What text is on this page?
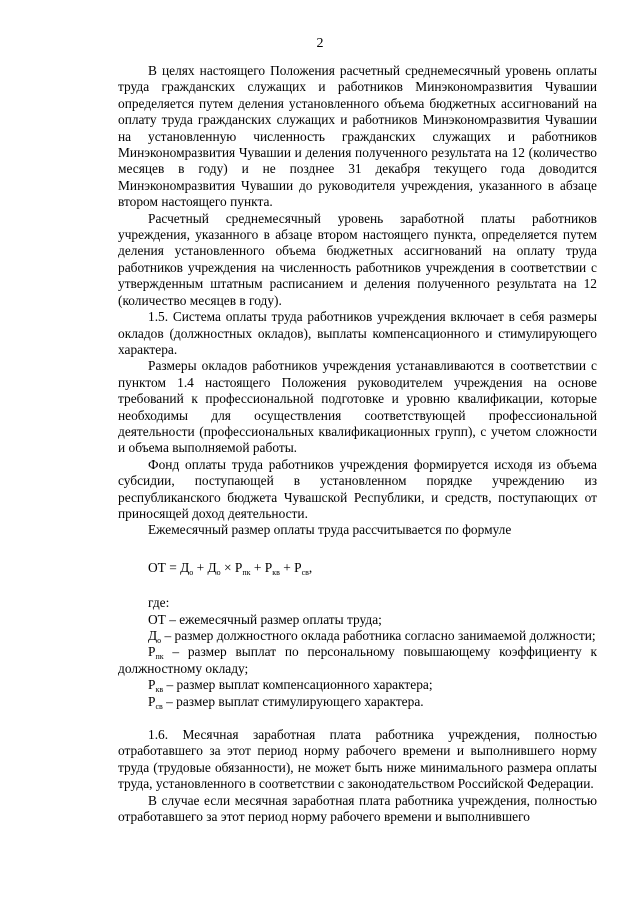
2

В целях настоящего Положения расчетный среднемесячный уровень оплаты труда гражданских служащих и работников Минэкономразвития Чувашии определяется путем деления установленного объема бюджетных ассигнований на оплату труда гражданских служащих и работников Минэкономразвития Чувашии на установленную численность гражданских служащих и работников Минэкономразвития Чувашии и деления полученного результата на 12 (количество месяцев в году) и не позднее 31 декабря текущего года доводится Минэкономразвития Чувашии до руководителя учреждения, указанного в абзаце втором настоящего пункта.

Расчетный среднемесячный уровень заработной платы работников учреждения, указанного в абзаце втором настоящего пункта, определяется путем деления установленного объема бюджетных ассигнований на оплату труда работников учреждения на численность работников учреждения в соответствии с утвержденным штатным расписанием и деления полученного результата на 12 (количество месяцев в году).

1.5. Система оплаты труда работников учреждения включает в себя размеры окладов (должностных окладов), выплаты компенсационного и стимулирующего характера.

Размеры окладов работников учреждения устанавливаются в соответствии с пунктом 1.4 настоящего Положения руководителем учреждения на основе требований к профессиональной подготовке и уровню квалификации, которые необходимы для осуществления соответствующей профессиональной деятельности (профессиональных квалификационных групп), с учетом сложности и объема выполняемой работы.

Фонд оплаты труда работников учреждения формируется исходя из объема субсидии, поступающей в установленном порядке учреждению из республиканского бюджета Чувашской Республики, и средств, поступающих от приносящей доход деятельности.

Ежемесячный размер оплаты труда рассчитывается по формуле

ОТ = $Д_о + Д_о \times Р_{пк} + Р_{кв} + Р_{св}$,

где:

ОТ – ежемесячный размер оплаты труда;

$Д_о$ – размер должностного оклада работника согласно занимаемой должности;

$Р_{пк}$ – размер выплат по персональному повышающему коэффициенту к должностному окладу;

$Р_{кв}$ – размер выплат компенсационного характера;

$Р_{св}$ – размер выплат стимулирующего характера.

1.6. Месячная заработная плата работника учреждения, полностью отработавшего за этот период норму рабочего времени и выполнившего норму труда (трудовые обязанности), не может быть ниже минимального размера оплаты труда, установленного в соответствии с законодательством Российской Федерации.

В случае если месячная заработная плата работника учреждения, полностью отработавшего за этот период норму рабочего времени и выполнившего
